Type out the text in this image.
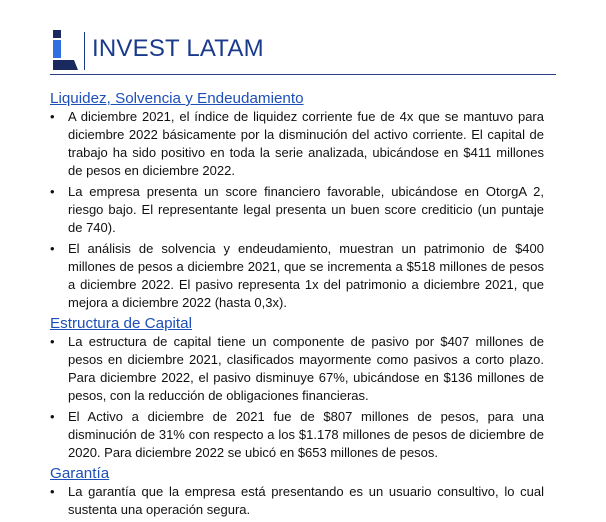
INVEST LATAM
Liquidez, Solvencia y Endeudamiento
• A diciembre 2021, el índice de liquidez corriente fue de 4x que se mantuvo para diciembre 2022 básicamente por la disminución del activo corriente. El capital de trabajo ha sido positivo en toda la serie analizada, ubicándose en $411 millones de pesos en diciembre 2022.
• La empresa presenta un score financiero favorable, ubicándose en OtorgA 2, riesgo bajo. El representante legal presenta un buen score crediticio (un puntaje de 740).
• El análisis de solvencia y endeudamiento, muestran un patrimonio de $400 millones de pesos a diciembre 2021, que se incrementa a $518 millones de pesos a diciembre 2022. El pasivo representa 1x del patrimonio a diciembre 2021, que mejora a diciembre 2022 (hasta 0,3x).
Estructura de Capital
• La estructura de capital tiene un componente de pasivo por $407 millones de pesos en diciembre 2021, clasificados mayormente como pasivos a corto plazo. Para diciembre 2022, el pasivo disminuye 67%, ubicándose en $136 millones de pesos, con la reducción de obligaciones financieras.
• El Activo a diciembre de 2021 fue de $807 millones de pesos, para una disminución de 31% con respecto a los $1.178 millones de pesos de diciembre de 2020. Para diciembre 2022 se ubicó en $653 millones de pesos.
Garantía
• La garantía que la empresa está presentando es un usuario consultivo, lo cual sustenta una operación segura.
